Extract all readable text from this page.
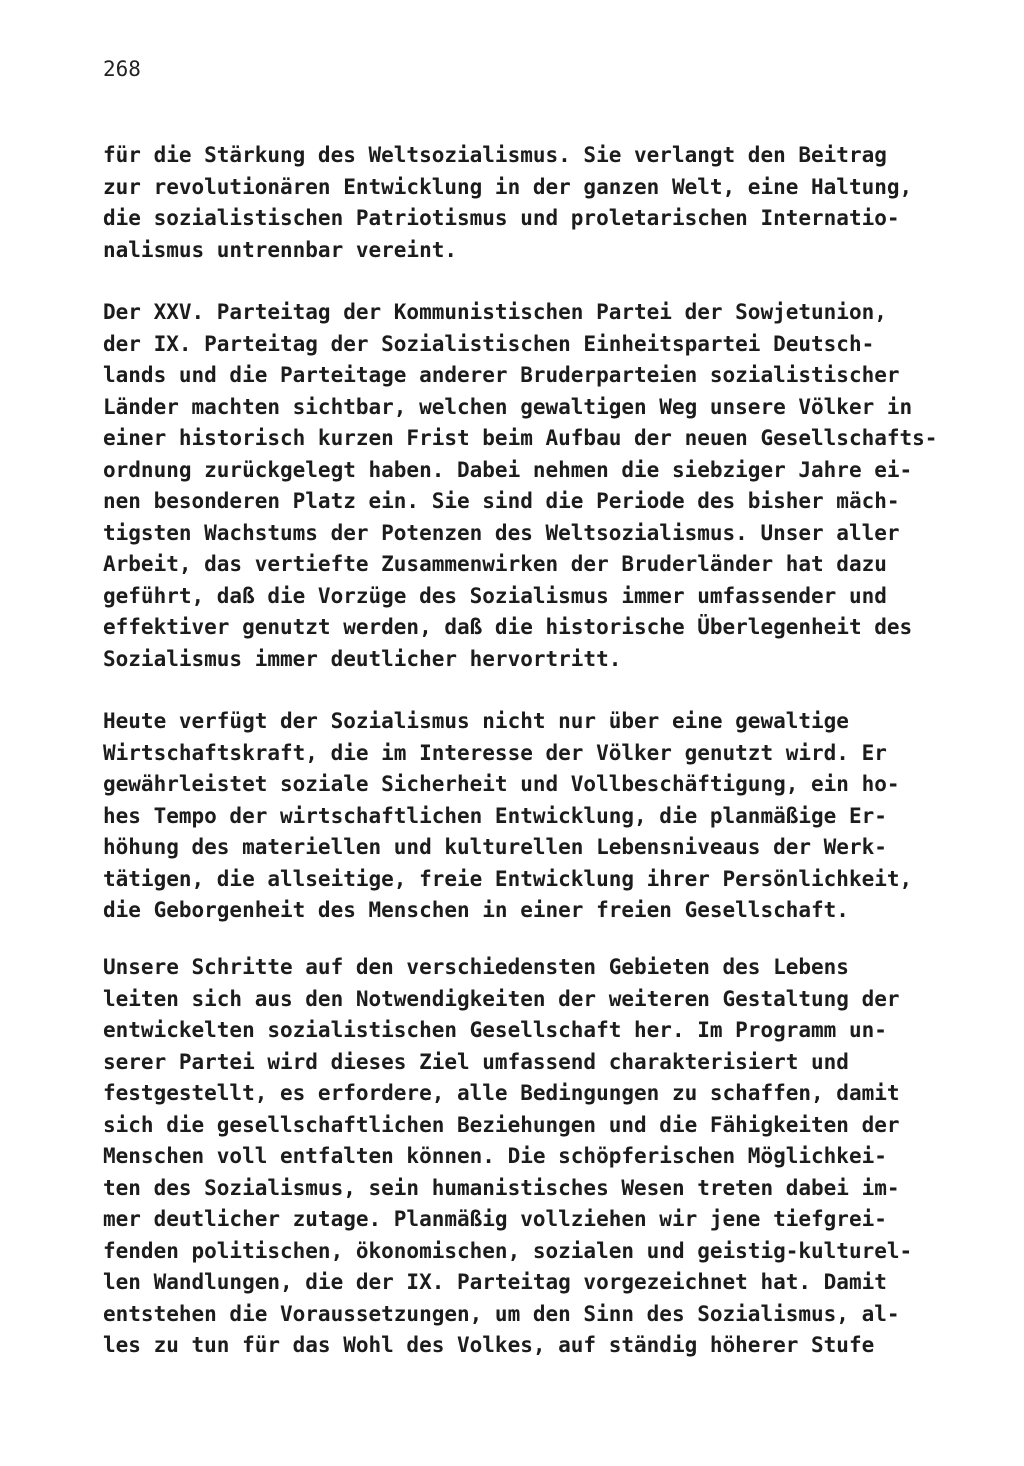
268
für die Stärkung des Weltsozialismus. Sie verlangt den Beitrag
zur revolutionären Entwicklung in der ganzen Welt, eine Haltung,
die sozialistischen Patriotismus und proletarischen Internatio-
nalismus untrennbar vereint.
Der XXV. Parteitag der Kommunistischen Partei der Sowjetunion,
der IX. Parteitag der Sozialistischen Einheitspartei Deutsch-
lands und die Parteitage anderer Bruderparteien sozialistischer
Länder machten sichtbar, welchen gewaltigen Weg unsere Völker in
einer historisch kurzen Frist beim Aufbau der neuen Gesellschafts-
ordnung zurückgelegt haben. Dabei nehmen die siebziger Jahre ei-
nen besonderen Platz ein. Sie sind die Periode des bisher mäch-
tigsten Wachstums der Potenzen des Weltsozialismus. Unser aller
Arbeit, das vertiefte Zusammenwirken der Bruderländer hat dazu
geführt, daß die Vorzüge des Sozialismus immer umfassender und
effektiver genutzt werden, daß die historische Überlegenheit des
Sozialismus immer deutlicher hervortritt.
Heute verfügt der Sozialismus nicht nur über eine gewaltige
Wirtschaftskraft, die im Interesse der Völker genutzt wird. Er
gewährleistet soziale Sicherheit und Vollbeschäftigung, ein ho-
hes Tempo der wirtschaftlichen Entwicklung, die planmäßige Er-
höhung des materiellen und kulturellen Lebensniveaus der Werk-
tätigen, die allseitige, freie Entwicklung ihrer Persönlichkeit,
die Geborgenheit des Menschen in einer freien Gesellschaft.
Unsere Schritte auf den verschiedensten Gebieten des Lebens
leiten sich aus den Notwendigkeiten der weiteren Gestaltung der
entwickelten sozialistischen Gesellschaft her. Im Programm un-
serer Partei wird dieses Ziel umfassend charakterisiert und
festgestellt, es erfordere, alle Bedingungen zu schaffen, damit
sich die gesellschaftlichen Beziehungen und die Fähigkeiten der
Menschen voll entfalten können. Die schöpferischen Möglichkei-
ten des Sozialismus, sein humanistisches Wesen treten dabei im-
mer deutlicher zutage. Planmäßig vollziehen wir jene tiefgrei-
fenden politischen, ökonomischen, sozialen und geistig-kulturel-
len Wandlungen, die der IX. Parteitag vorgezeichnet hat. Damit
entstehen die Voraussetzungen, um den Sinn des Sozialismus, al-
les zu tun für das Wohl des Volkes, auf ständig höherer Stufe
